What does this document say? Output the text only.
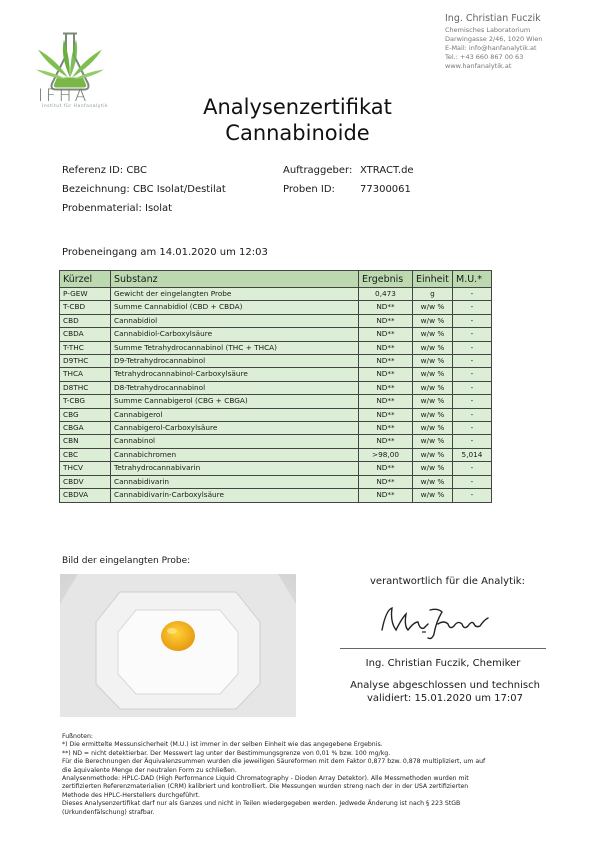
IFHA
Institut für Hanfanalytik
Ing. Christian Fuczik
Chemisches Laboratorium
Darwingasse 2/46, 1020 Wien
E-Mail: info@hanfanalytik.at
Tel.: +43 660 867 00 63
www.hanfanalytik.at
Analysenzertifikat
Cannabinoide
Referenz ID: CBC
Bezeichnung: CBC Isolat/Destilat
Probenmaterial: Isolat
Auftraggeber: XTRACT.de
Proben ID:	77300061
Probeneingang am 14.01.2020 um 12:03
Kürzel	Substanz	Ergebnis	Einheit	M.U.*
P-GEW	Gewicht der eingelangten Probe	0,473	g	-
T-CBD	Summe Cannabidiol (CBD + CBDA)	ND**	w/w %	-
CBD	Cannabidiol	ND**	w/w %	-
CBDA	Cannabidiol-Carboxylsäure	ND**	w/w %	-
T-THC	Summe Tetrahydrocannabinol (THC + THCA)	ND**	w/w %	-
D9THC	D9-Tetrahydrocannabinol	ND**	w/w %	-
THCA	Tetrahydrocannabinol-Carboxylsäure	ND**	w/w %	-
D8THC	D8-Tetrahydrocannabinol	ND**	w/w %	-
T-CBG	Summe Cannabigerol (CBG + CBGA)	ND**	w/w %	-
CBG	Cannabigerol	ND**	w/w %	-
CBGA	Cannabigerol-Carboxylsäure	ND**	w/w %	-
CBN	Cannabinol	ND**	w/w %	-
CBC	Cannabichromen	>98,00	w/w %	5,014
THCV	Tetrahydrocannabivarin	ND**	w/w %	-
CBDV	Cannabidivarin	ND**	w/w %	-
CBDVA	Cannabidivarin-Carboxylsäure	ND**	w/w %	-
Bild der eingelangten Probe:
verantwortlich für die Analytik:
Ing. Christian Fuczik, Chemiker
Analyse abgeschlossen und technisch
validiert: 15.01.2020 um 17:07
Fußnoten:
*) Die ermittelte Messunsicherheit (M.U.) ist immer in der selben Einheit wie das angegebene Ergebnis.
**) ND = nicht detektierbar. Der Messwert lag unter der Bestimmungsgrenze von 0,01 % bzw. 100 mg/kg.
Für die Berechnungen der Äquivalenzsummen wurden die jeweiligen Säureformen mit dem Faktor 0,877 bzw. 0,878 multipliziert, um auf
die äquivalente Menge der neutralen Form zu schließen.
Analysenmethode: HPLC-DAD (High Performance Liquid Chromatography - Dioden Array Detektor). Alle Messmethoden wurden mit
zertifizierten Referenzmaterialien (CRM) kalibriert und kontrolliert. Die Messungen wurden streng nach der in der USA zertifizierten
Methode des HPLC-Herstellers durchgeführt.
Dieses Analysenzertifikat darf nur als Ganzes und nicht in Teilen wiedergegeben werden. Jedwede Änderung ist nach § 223 StGB
(Urkundenfälschung) strafbar.
